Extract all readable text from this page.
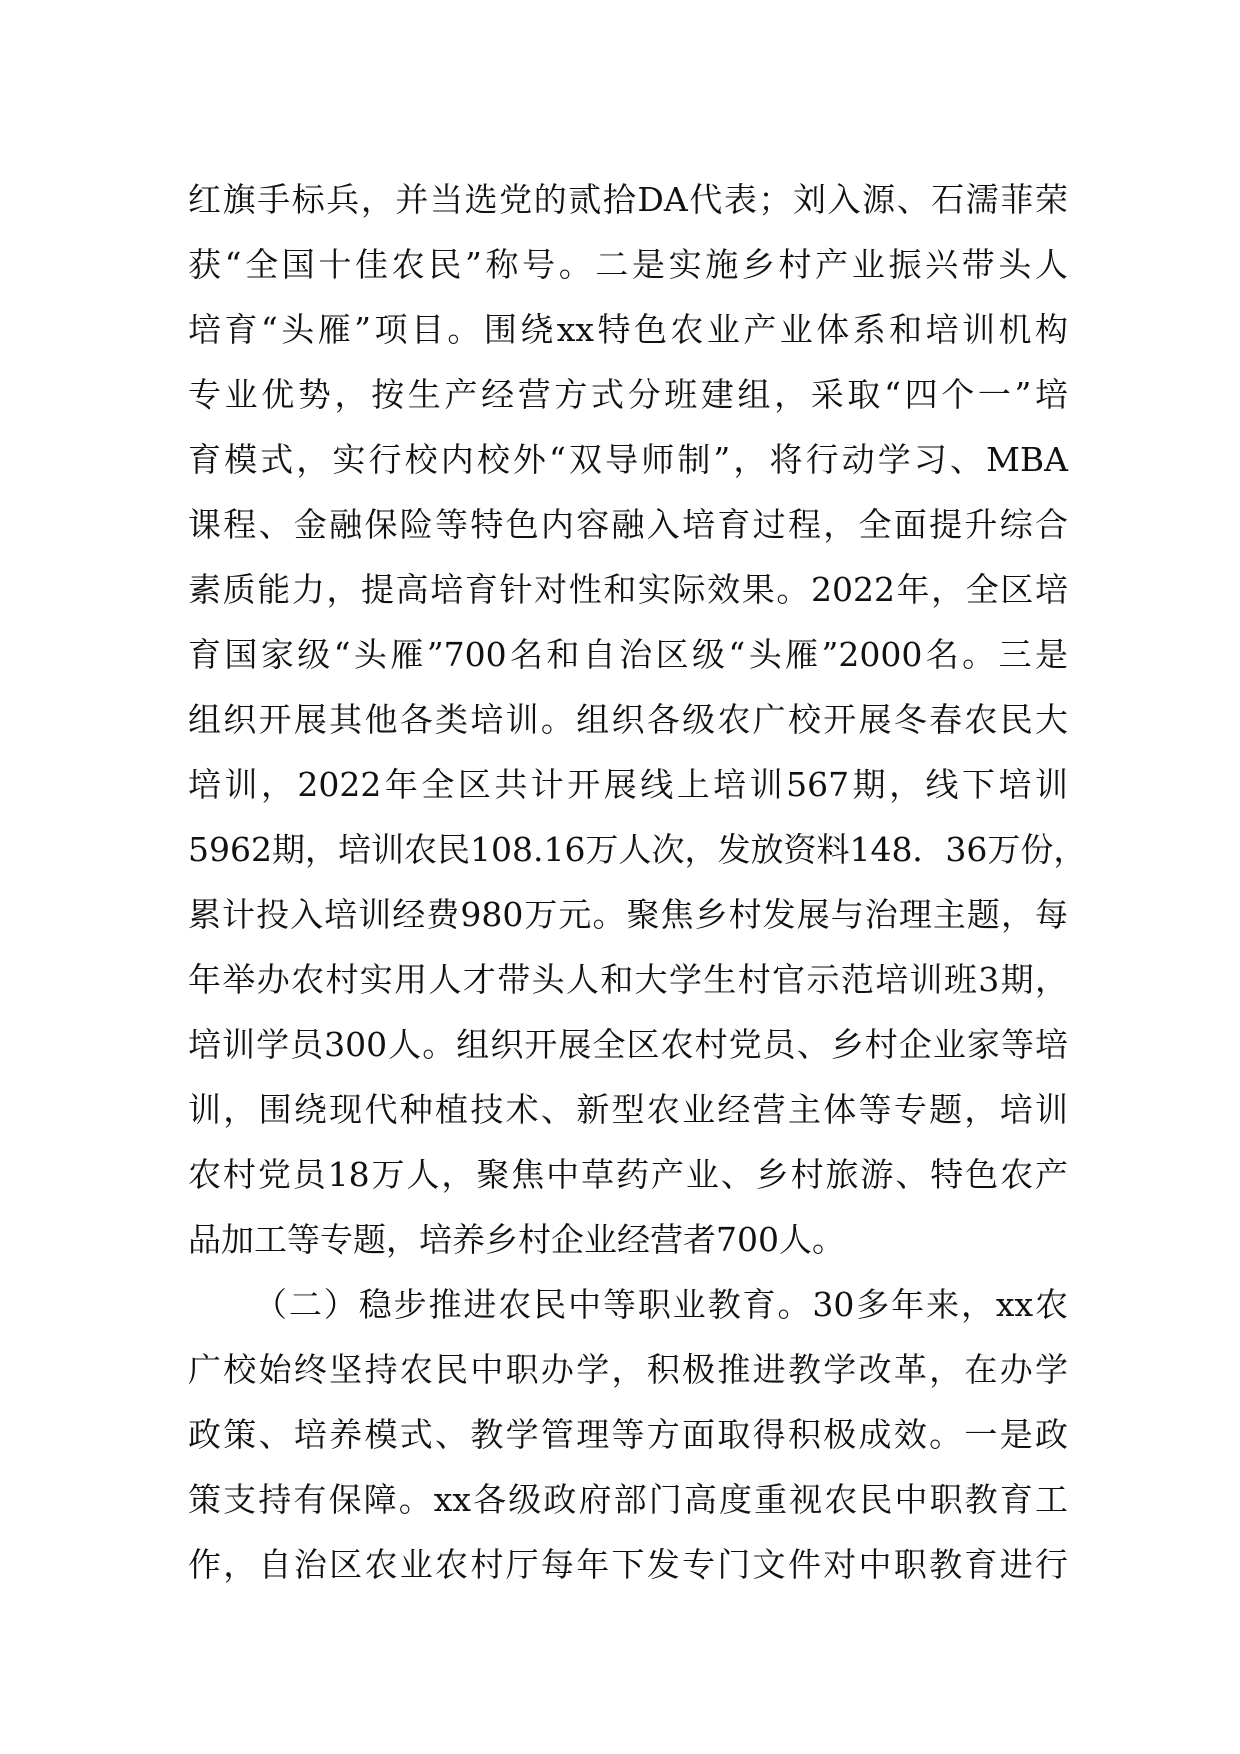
红旗手标兵，并当选党的贰拾DA代表；刘入源、石濡菲荣
获“全国十佳农民”称号。二是实施乡村产业振兴带头人
培育“头雁”项目。围绕xx特色农业产业体系和培训机构
专业优势，按生产经营方式分班建组，采取“四个一”培
育模式，实行校内校外“双导师制”，将行动学习、MBA
课程、金融保险等特色内容融入培育过程，全面提升综合
素质能力，提高培育针对性和实际效果。2022年，全区培
育国家级“头雁”700名和自治区级“头雁”2000名。三是
组织开展其他各类培训。组织各级农广校开展冬春农民大
培训，2022年全区共计开展线上培训567期，线下培训
5962期，培训农民108.16万人次，发放资料148．36万份，
累计投入培训经费980万元。聚焦乡村发展与治理主题，每
年举办农村实用人才带头人和大学生村官示范培训班3期，
培训学员300人。组织开展全区农村党员、乡村企业家等培
训，围绕现代种植技术、新型农业经营主体等专题，培训
农村党员18万人，聚焦中草药产业、乡村旅游、特色农产
品加工等专题，培养乡村企业经营者700人。
（二）稳步推进农民中等职业教育。30多年来，xx农
广校始终坚持农民中职办学，积极推进教学改革，在办学
政策、培养模式、教学管理等方面取得积极成效。一是政
策支持有保障。xx各级政府部门高度重视农民中职教育工
作，自治区农业农村厅每年下发专门文件对中职教育进行
